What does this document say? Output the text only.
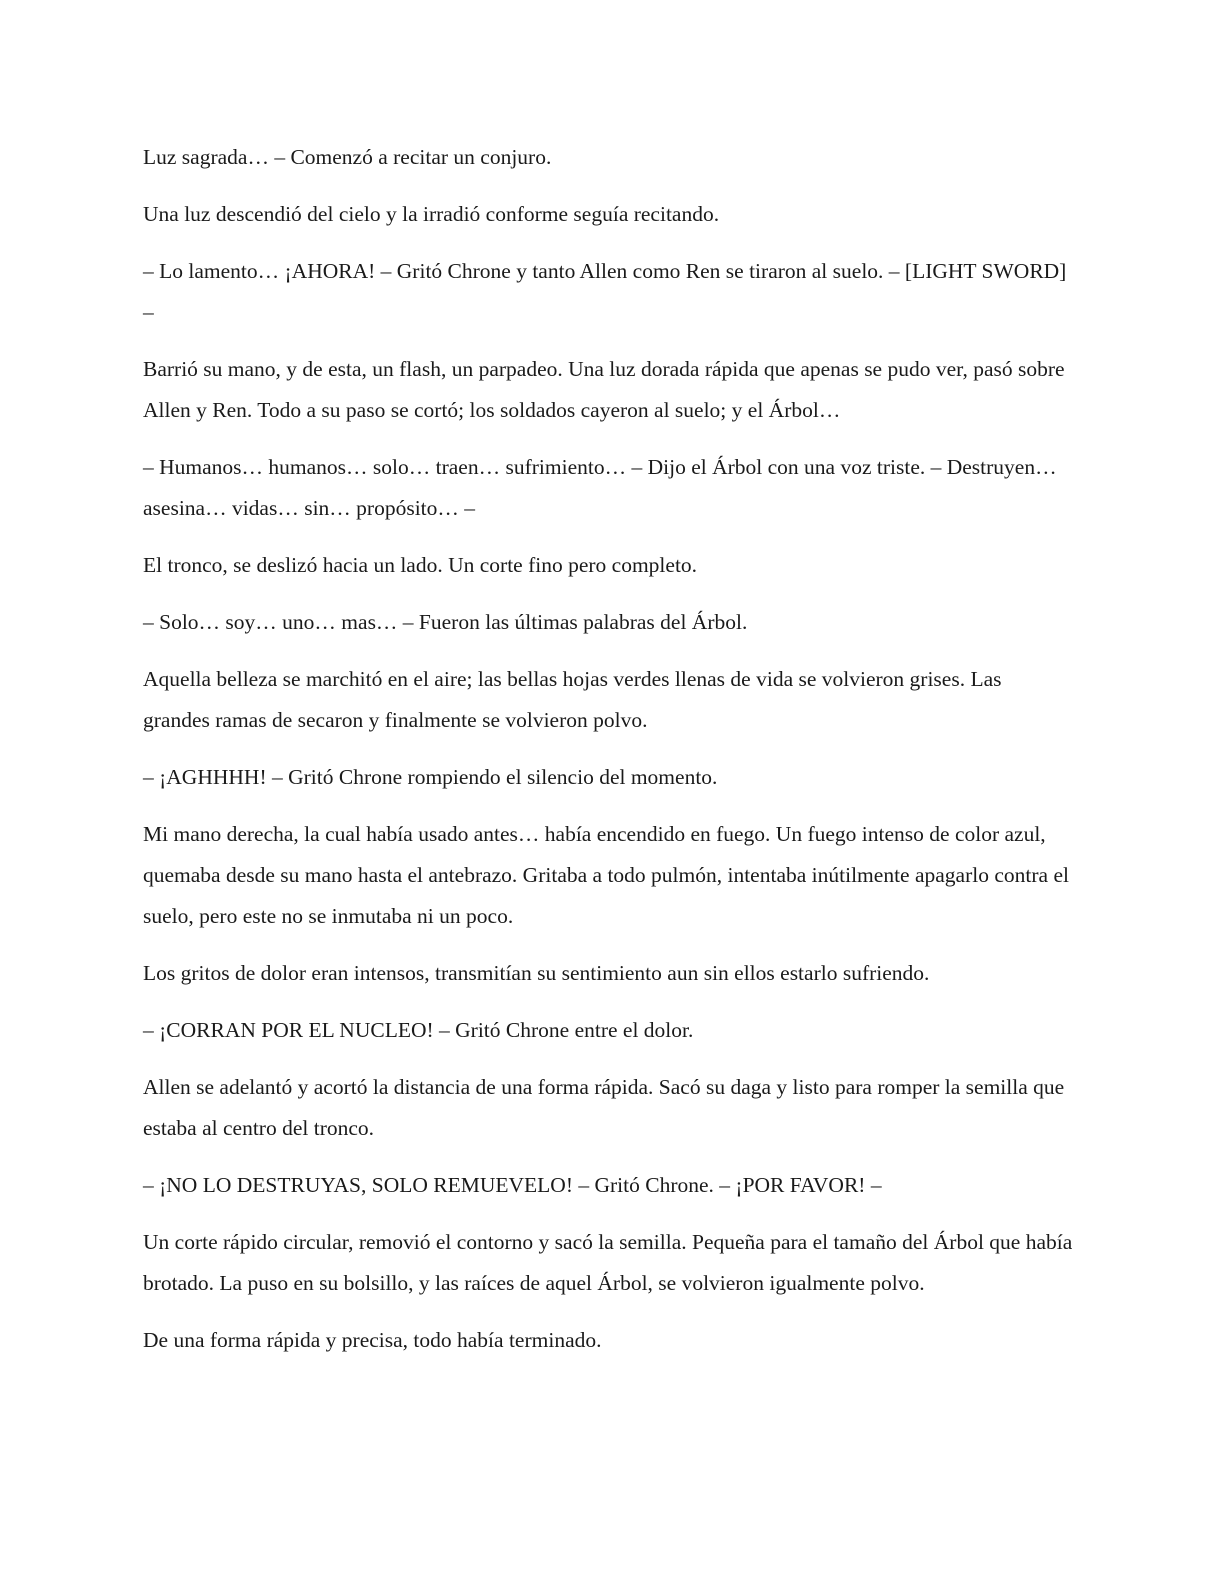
Luz sagrada… – Comenzó a recitar un conjuro.

Una luz descendió del cielo y la irradió conforme seguía recitando.

– Lo lamento… ¡AHORA! – Gritó Chrone y tanto Allen como Ren se tiraron al suelo. – [LIGHT SWORD] –

Barrió su mano, y de esta, un flash, un parpadeo. Una luz dorada rápida que apenas se pudo ver, pasó sobre Allen y Ren. Todo a su paso se cortó; los soldados cayeron al suelo; y el Árbol…

– Humanos… humanos… solo… traen… sufrimiento… – Dijo el Árbol con una voz triste. – Destruyen… asesina… vidas… sin… propósito… –

El tronco, se deslizó hacia un lado. Un corte fino pero completo.

– Solo… soy… uno… mas… – Fueron las últimas palabras del Árbol.

Aquella belleza se marchitó en el aire; las bellas hojas verdes llenas de vida se volvieron grises. Las grandes ramas de secaron y finalmente se volvieron polvo.

– ¡AGHHHH! – Gritó Chrone rompiendo el silencio del momento.

Mi mano derecha, la cual había usado antes… había encendido en fuego. Un fuego intenso de color azul, quemaba desde su mano hasta el antebrazo. Gritaba a todo pulmón, intentaba inútilmente apagarlo contra el suelo, pero este no se inmutaba ni un poco.

Los gritos de dolor eran intensos, transmitían su sentimiento aun sin ellos estarlo sufriendo.

– ¡CORRAN POR EL NUCLEO! – Gritó Chrone entre el dolor.

Allen se adelantó y acortó la distancia de una forma rápida. Sacó su daga y listo para romper la semilla que estaba al centro del tronco.

– ¡NO LO DESTRUYAS, SOLO REMUEVELO! – Gritó Chrone. – ¡POR FAVOR! –

Un corte rápido circular, removió el contorno y sacó la semilla. Pequeña para el tamaño del Árbol que había brotado. La puso en su bolsillo, y las raíces de aquel Árbol, se volvieron igualmente polvo.

De una forma rápida y precisa, todo había terminado.
